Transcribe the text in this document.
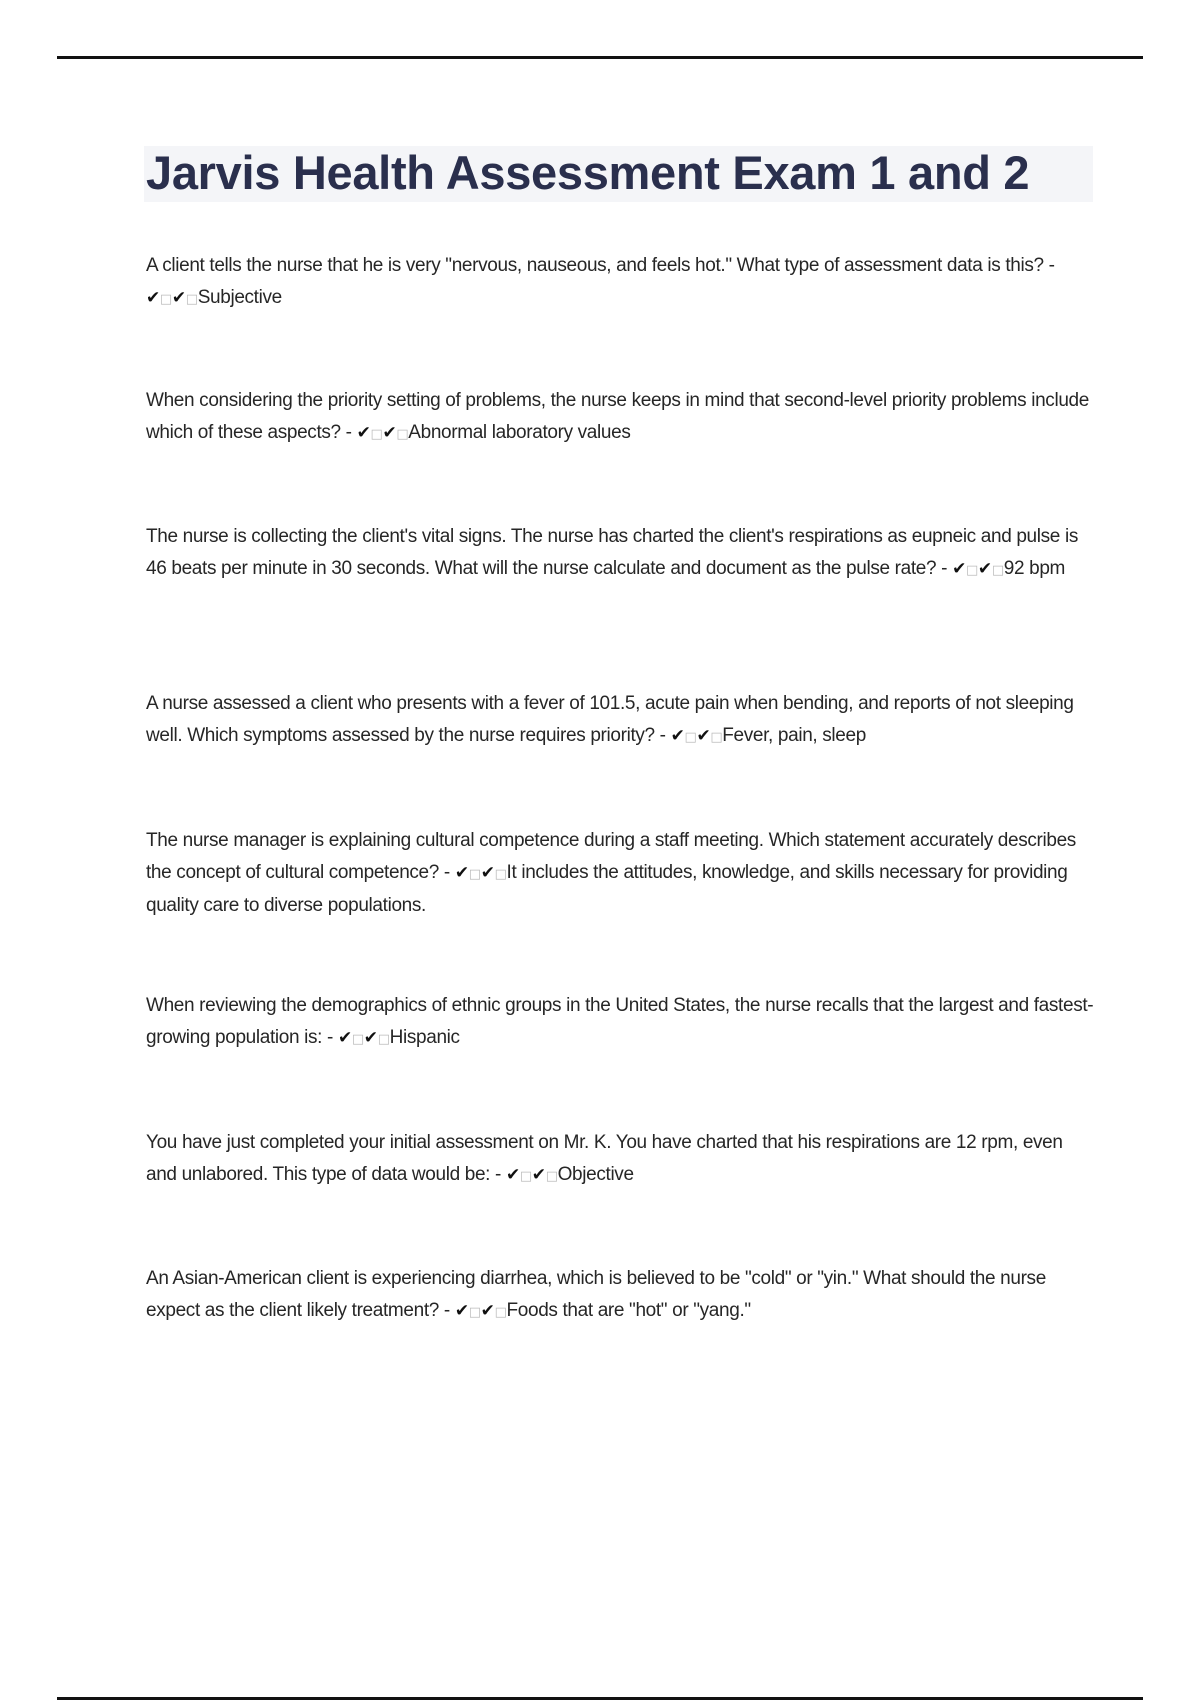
Jarvis Health Assessment Exam 1 and 2

A client tells the nurse that he is very "nervous, nauseous, and feels hot." What type of assessment data is this? - ✔□✔□Subjective

When considering the priority setting of problems, the nurse keeps in mind that second-level priority problems include which of these aspects? - ✔□✔□Abnormal laboratory values

The nurse is collecting the client's vital signs. The nurse has charted the client's respirations as eupneic and pulse is 46 beats per minute in 30 seconds. What will the nurse calculate and document as the pulse rate? - ✔□✔□92 bpm

A nurse assessed a client who presents with a fever of 101.5, acute pain when bending, and reports of not sleeping well. Which symptoms assessed by the nurse requires priority? - ✔□✔□Fever, pain, sleep

The nurse manager is explaining cultural competence during a staff meeting. Which statement accurately describes the concept of cultural competence? - ✔□✔□It includes the attitudes, knowledge, and skills necessary for providing quality care to diverse populations.

When reviewing the demographics of ethnic groups in the United States, the nurse recalls that the largest and fastest-growing population is: - ✔□✔□Hispanic

You have just completed your initial assessment on Mr. K. You have charted that his respirations are 12 rpm, even and unlabored. This type of data would be: - ✔□✔□Objective

An Asian-American client is experiencing diarrhea, which is believed to be "cold" or "yin." What should the nurse expect as the client likely treatment? - ✔□✔□Foods that are "hot" or "yang."
